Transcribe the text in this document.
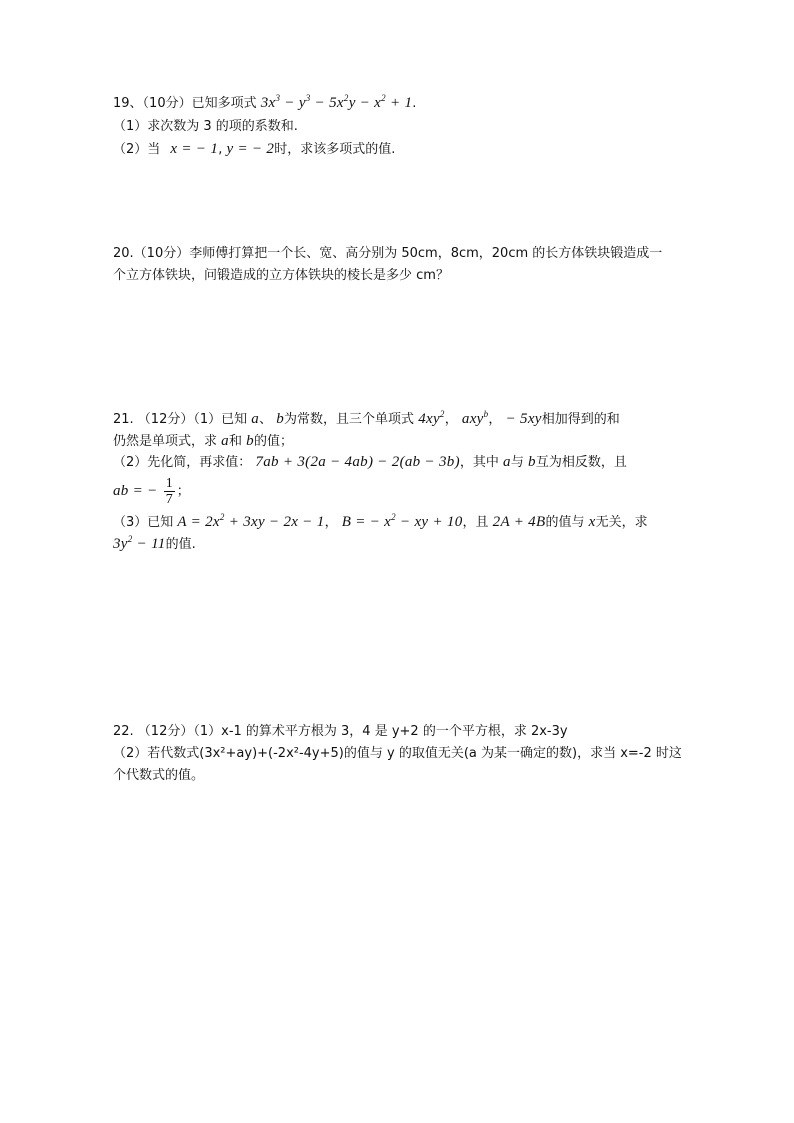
19、（10分）已知多项式 $3x^3 - y^3 - 5x^2y - x^2 + 1$.
（1）求次数为 3 的项的系数和.
（2）当 x = − 1, y = − 2时，求该多项式的值.
20.（10分）李师傅打算把一个长、宽、高分别为 50cm，8cm，20cm 的长方体铁块锻造成一
个立方体铁块，问锻造成的立方体铁块的棱长是多少 cm？
21. （12分）（1）已知 a、 b为常数，且三个单项式 $4xy^2$， axy$^b$， − 5xy相加得到的和
仍然是单项式，求 a和 b的值；
（2）先化简，再求值： 7ab + 3(2a − 4ab) − 2(ab − 3b)，其中 a与 b互为相反数，且
ab = − $\frac{1}{7}$ ；
（3）已知 $A = 2x^2 + 3xy - 2x - 1$， B = − $x^2$ − xy + 10，且 2A + 4B的值与 x无关，求
$3y^2 - 11$的值.
22. （12分）（1）x-1 的算术平方根为 3，4 是 y+2 的一个平方根，求 2x-3y
（2）若代数式(3x²+ay)+(-2x²-4y+5)的值与 y 的取值无关(a 为某一确定的数)，求当 x=-2 时这
个代数式的值。
